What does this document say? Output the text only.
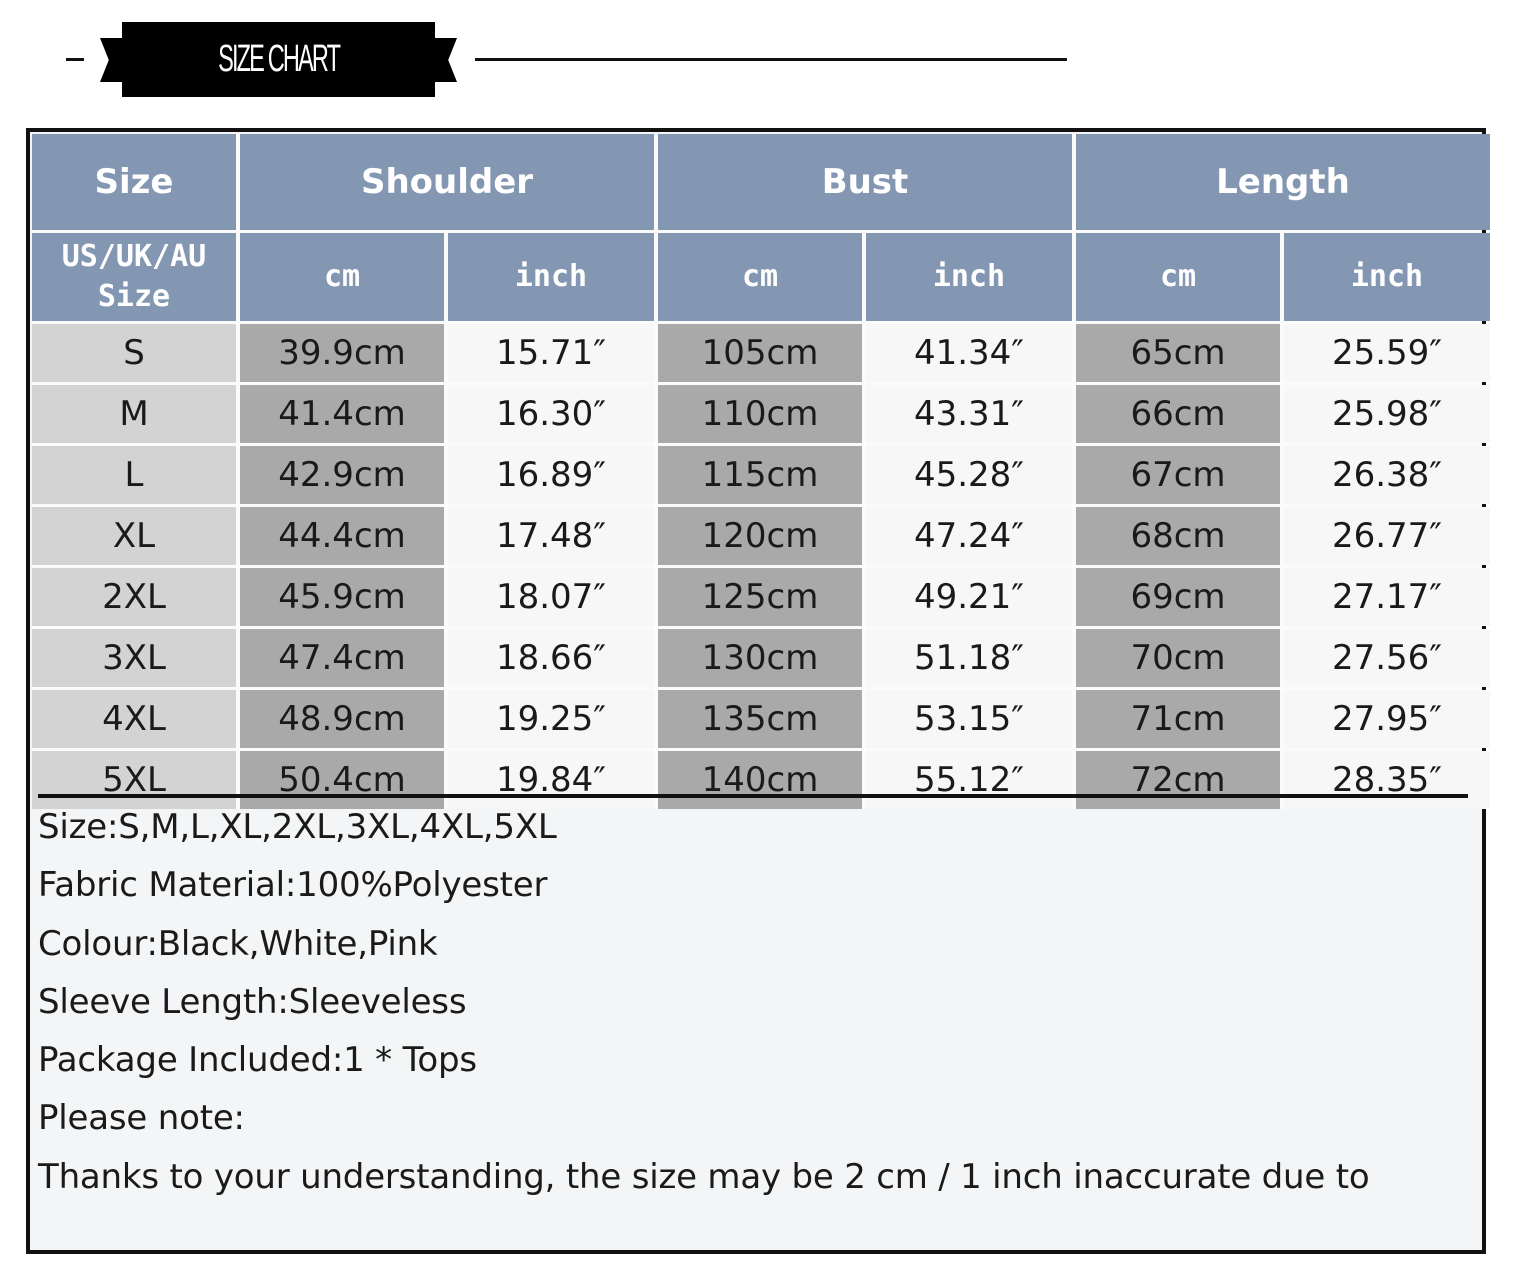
SIZE CHART
Size	Shoulder	Bust	Length
US/UK/AU
Size
cm	inch	cm	inch	cm	inch
S	39.9cm	15.71″	105cm	41.34″	65cm	25.59″
M	41.4cm	16.30″	110cm	43.31″	66cm	25.98″
L	42.9cm	16.89″	115cm	45.28″	67cm	26.38″
XL	44.4cm	17.48″	120cm	47.24″	68cm	26.77″
2XL	45.9cm	18.07″	125cm	49.21″	69cm	27.17″
3XL	47.4cm	18.66″	130cm	51.18″	70cm	27.56″
4XL	48.9cm	19.25″	135cm	53.15″	71cm	27.95″
5XL	50.4cm	19.84″	140cm	55.12″	72cm	28.35″
Size:S,M,L,XL,2XL,3XL,4XL,5XL
Fabric Material:100%Polyester
Colour:Black,White,Pink
Sleeve Length:Sleeveless
Package Included:1 * Tops
Please note:
Thanks to your understanding, the size may be 2 cm / 1 inch inaccurate due to
